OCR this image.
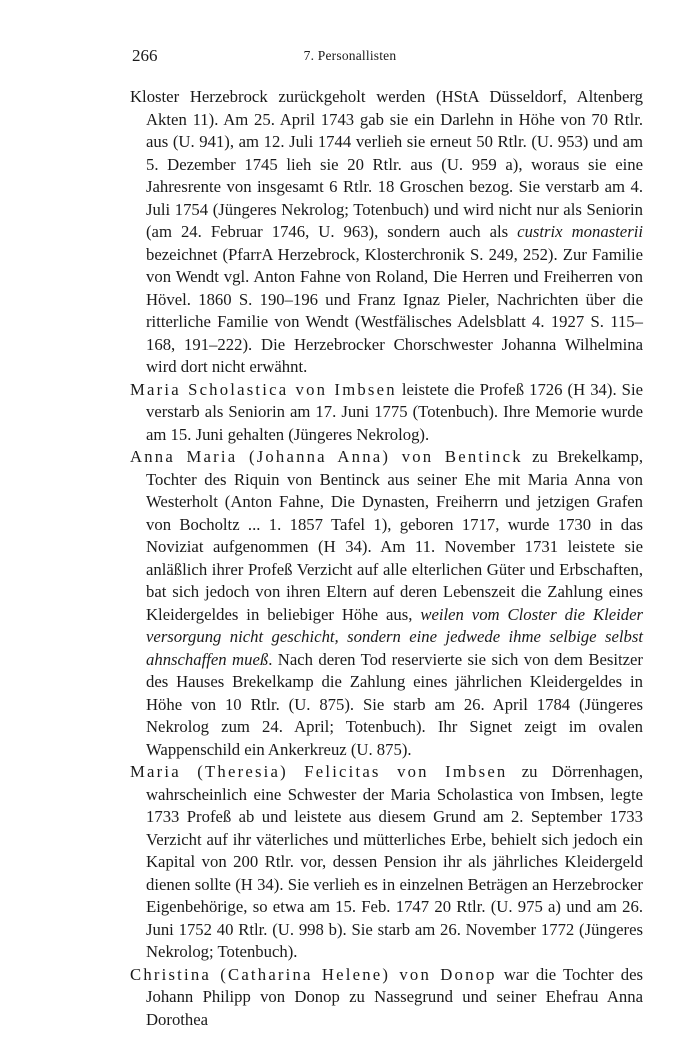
266	7. Personallisten

Kloster Herzebrock zurückgeholt werden (HStA Düsseldorf, Altenberg Akten 11). Am 25. April 1743 gab sie ein Darlehn in Höhe von 70 Rtlr. aus (U. 941), am 12. Juli 1744 verlieh sie erneut 50 Rtlr. (U. 953) und am 5. Dezember 1745 lieh sie 20 Rtlr. aus (U. 959 a), woraus sie eine Jahresrente von insgesamt 6 Rtlr. 18 Groschen bezog. Sie verstarb am 4. Juli 1754 (Jüngeres Nekrolog; Totenbuch) und wird nicht nur als Seniorin (am 24. Februar 1746, U. 963), sondern auch als custrix monasterii bezeichnet (PfarrA Herzebrock, Klosterchronik S. 249, 252). Zur Familie von Wendt vgl. Anton Fahne von Roland, Die Herren und Freiherren von Hövel. 1860 S. 190–196 und Franz Ignaz Pieler, Nachrichten über die ritterliche Familie von Wendt (Westfälisches Adelsblatt 4. 1927 S. 115–168, 191–222). Die Herzebrocker Chorschwester Johanna Wilhelmina wird dort nicht erwähnt.

Maria Scholastica von Imbsen leistete die Profeß 1726 (H 34). Sie verstarb als Seniorin am 17. Juni 1775 (Totenbuch). Ihre Memorie wurde am 15. Juni gehalten (Jüngeres Nekrolog).

Anna Maria (Johanna Anna) von Bentinck zu Brekelkamp, Tochter des Riquin von Bentinck aus seiner Ehe mit Maria Anna von Westerholt (Anton Fahne, Die Dynasten, Freiherrn und jetzigen Grafen von Bocholtz ... 1. 1857 Tafel 1), geboren 1717, wurde 1730 in das Noviziat aufgenommen (H 34). Am 11. November 1731 leistete sie anläßlich ihrer Profeß Verzicht auf alle elterlichen Güter und Erbschaften, bat sich jedoch von ihren Eltern auf deren Lebenszeit die Zahlung eines Kleidergeldes in beliebiger Höhe aus, weilen vom Closter die Kleider versorgung nicht geschicht, sondern eine jedwede ihme selbige selbst ahnschaffen mueß. Nach deren Tod reservierte sie sich von dem Besitzer des Hauses Brekelkamp die Zahlung eines jährlichen Kleidergeldes in Höhe von 10 Rtlr. (U. 875). Sie starb am 26. April 1784 (Jüngeres Nekrolog zum 24. April; Totenbuch). Ihr Signet zeigt im ovalen Wappenschild ein Ankerkreuz (U. 875).

Maria (Theresia) Felicitas von Imbsen zu Dörrenhagen, wahrscheinlich eine Schwester der Maria Scholastica von Imbsen, legte 1733 Profeß ab und leistete aus diesem Grund am 2. September 1733 Verzicht auf ihr väterliches und mütterliches Erbe, behielt sich jedoch ein Kapital von 200 Rtlr. vor, dessen Pension ihr als jährliches Kleidergeld dienen sollte (H 34). Sie verlieh es in einzelnen Beträgen an Herzebrocker Eigenbehörige, so etwa am 15. Feb. 1747 20 Rtlr. (U. 975 a) und am 26. Juni 1752 40 Rtlr. (U. 998 b). Sie starb am 26. November 1772 (Jüngeres Nekrolog; Totenbuch).

Christina (Catharina Helene) von Donop war die Tochter des Johann Philipp von Donop zu Nassegrund und seiner Ehefrau Anna Dorothea
